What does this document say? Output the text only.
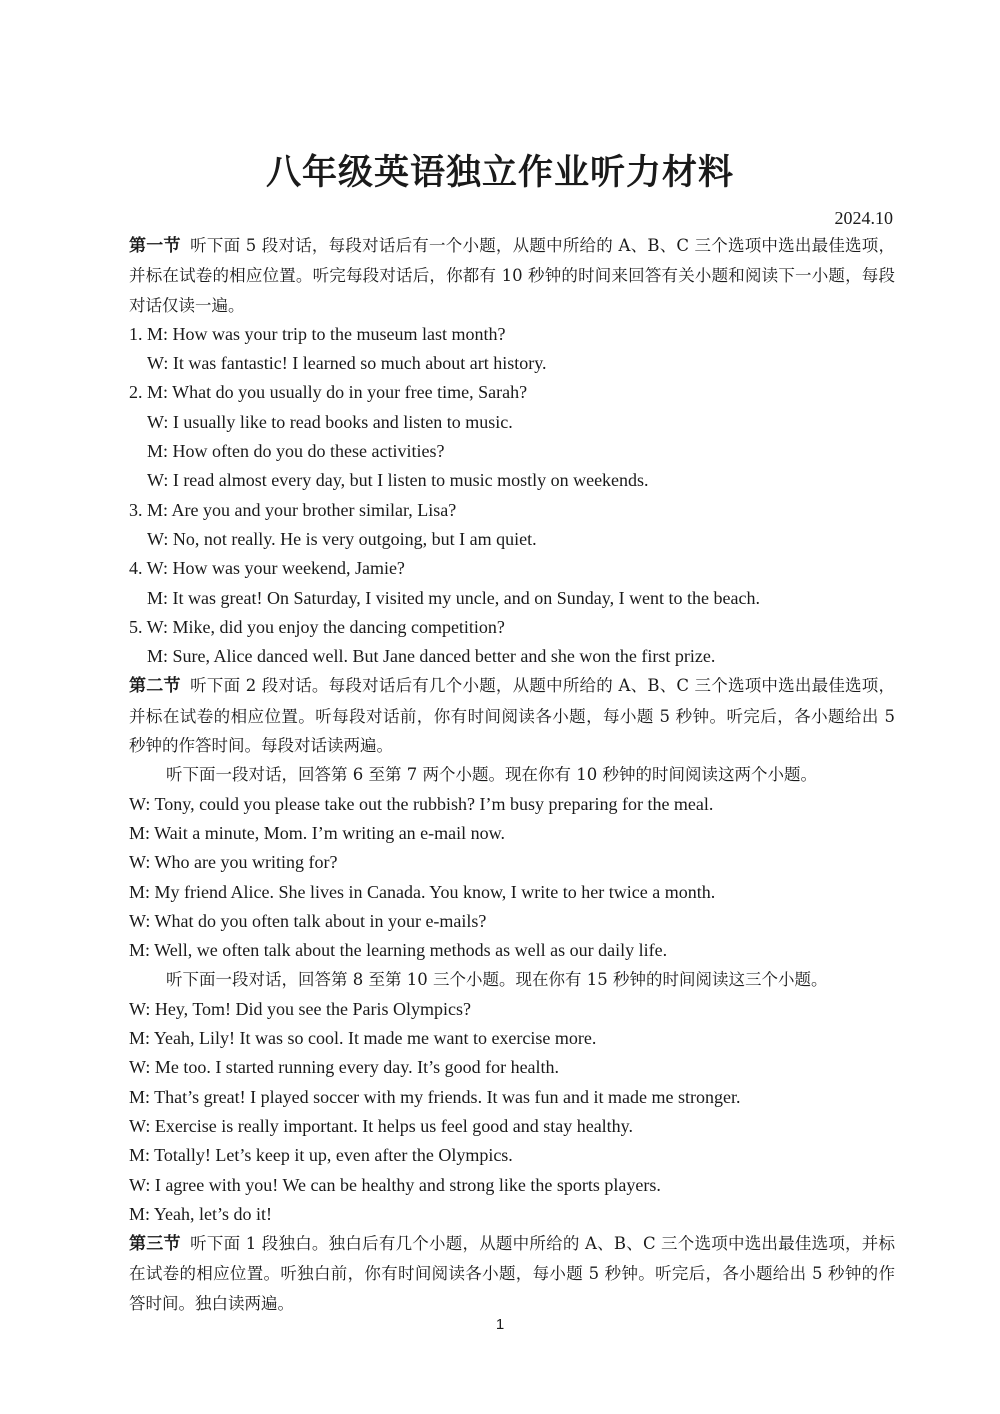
八年级英语独立作业听力材料
2024.10

第一节 听下面 5 段对话，每段对话后有一个小题，从题中所给的 A、B、C 三个选项中选出最佳选项，并标在试卷的相应位置。听完每段对话后，你都有 10 秒钟的时间来回答有关小题和阅读下一小题，每段对话仅读一遍。

1. M: How was your trip to the museum last month?

W: It was fantastic! I learned so much about art history.

2. M: What do you usually do in your free time, Sarah?

W: I usually like to read books and listen to music.

M: How often do you do these activities?

W: I read almost every day, but I listen to music mostly on weekends.

3. M: Are you and your brother similar, Lisa?

W: No, not really. He is very outgoing, but I am quiet.

4. W: How was your weekend, Jamie?

M: It was great! On Saturday, I visited my uncle, and on Sunday, I went to the beach.

5. W: Mike, did you enjoy the dancing competition?

M: Sure, Alice danced well. But Jane danced better and she won the first prize.

第二节 听下面 2 段对话。每段对话后有几个小题，从题中所给的 A、B、C 三个选项中选出最佳选项，并标在试卷的相应位置。听每段对话前，你有时间阅读各小题，每小题 5 秒钟。听完后，各小题给出 5 秒钟的作答时间。每段对话读两遍。

听下面一段对话，回答第 6 至第 7 两个小题。现在你有 10 秒钟的时间阅读这两个小题。

W: Tony, could you please take out the rubbish? I’m busy preparing for the meal.

M: Wait a minute, Mom. I’m writing an e-mail now.

W: Who are you writing for?

M: My friend Alice. She lives in Canada. You know, I write to her twice a month.

W: What do you often talk about in your e-mails?

M: Well, we often talk about the learning methods as well as our daily life.

听下面一段对话，回答第 8 至第 10 三个小题。现在你有 15 秒钟的时间阅读这三个小题。

W: Hey, Tom! Did you see the Paris Olympics?

M: Yeah, Lily! It was so cool. It made me want to exercise more.

W: Me too. I started running every day. It’s good for health.

M: That’s great! I played soccer with my friends. It was fun and it made me stronger.

W: Exercise is really important. It helps us feel good and stay healthy.

M: Totally! Let’s keep it up, even after the Olympics.

W: I agree with you! We can be healthy and strong like the sports players.

M: Yeah, let’s do it!

第三节 听下面 1 段独白。独白后有几个小题，从题中所给的 A、B、C 三个选项中选出最佳选项，并标在试卷的相应位置。听独白前，你有时间阅读各小题，每小题 5 秒钟。听完后，各小题给出 5 秒钟的作答时间。独白读两遍。

1
